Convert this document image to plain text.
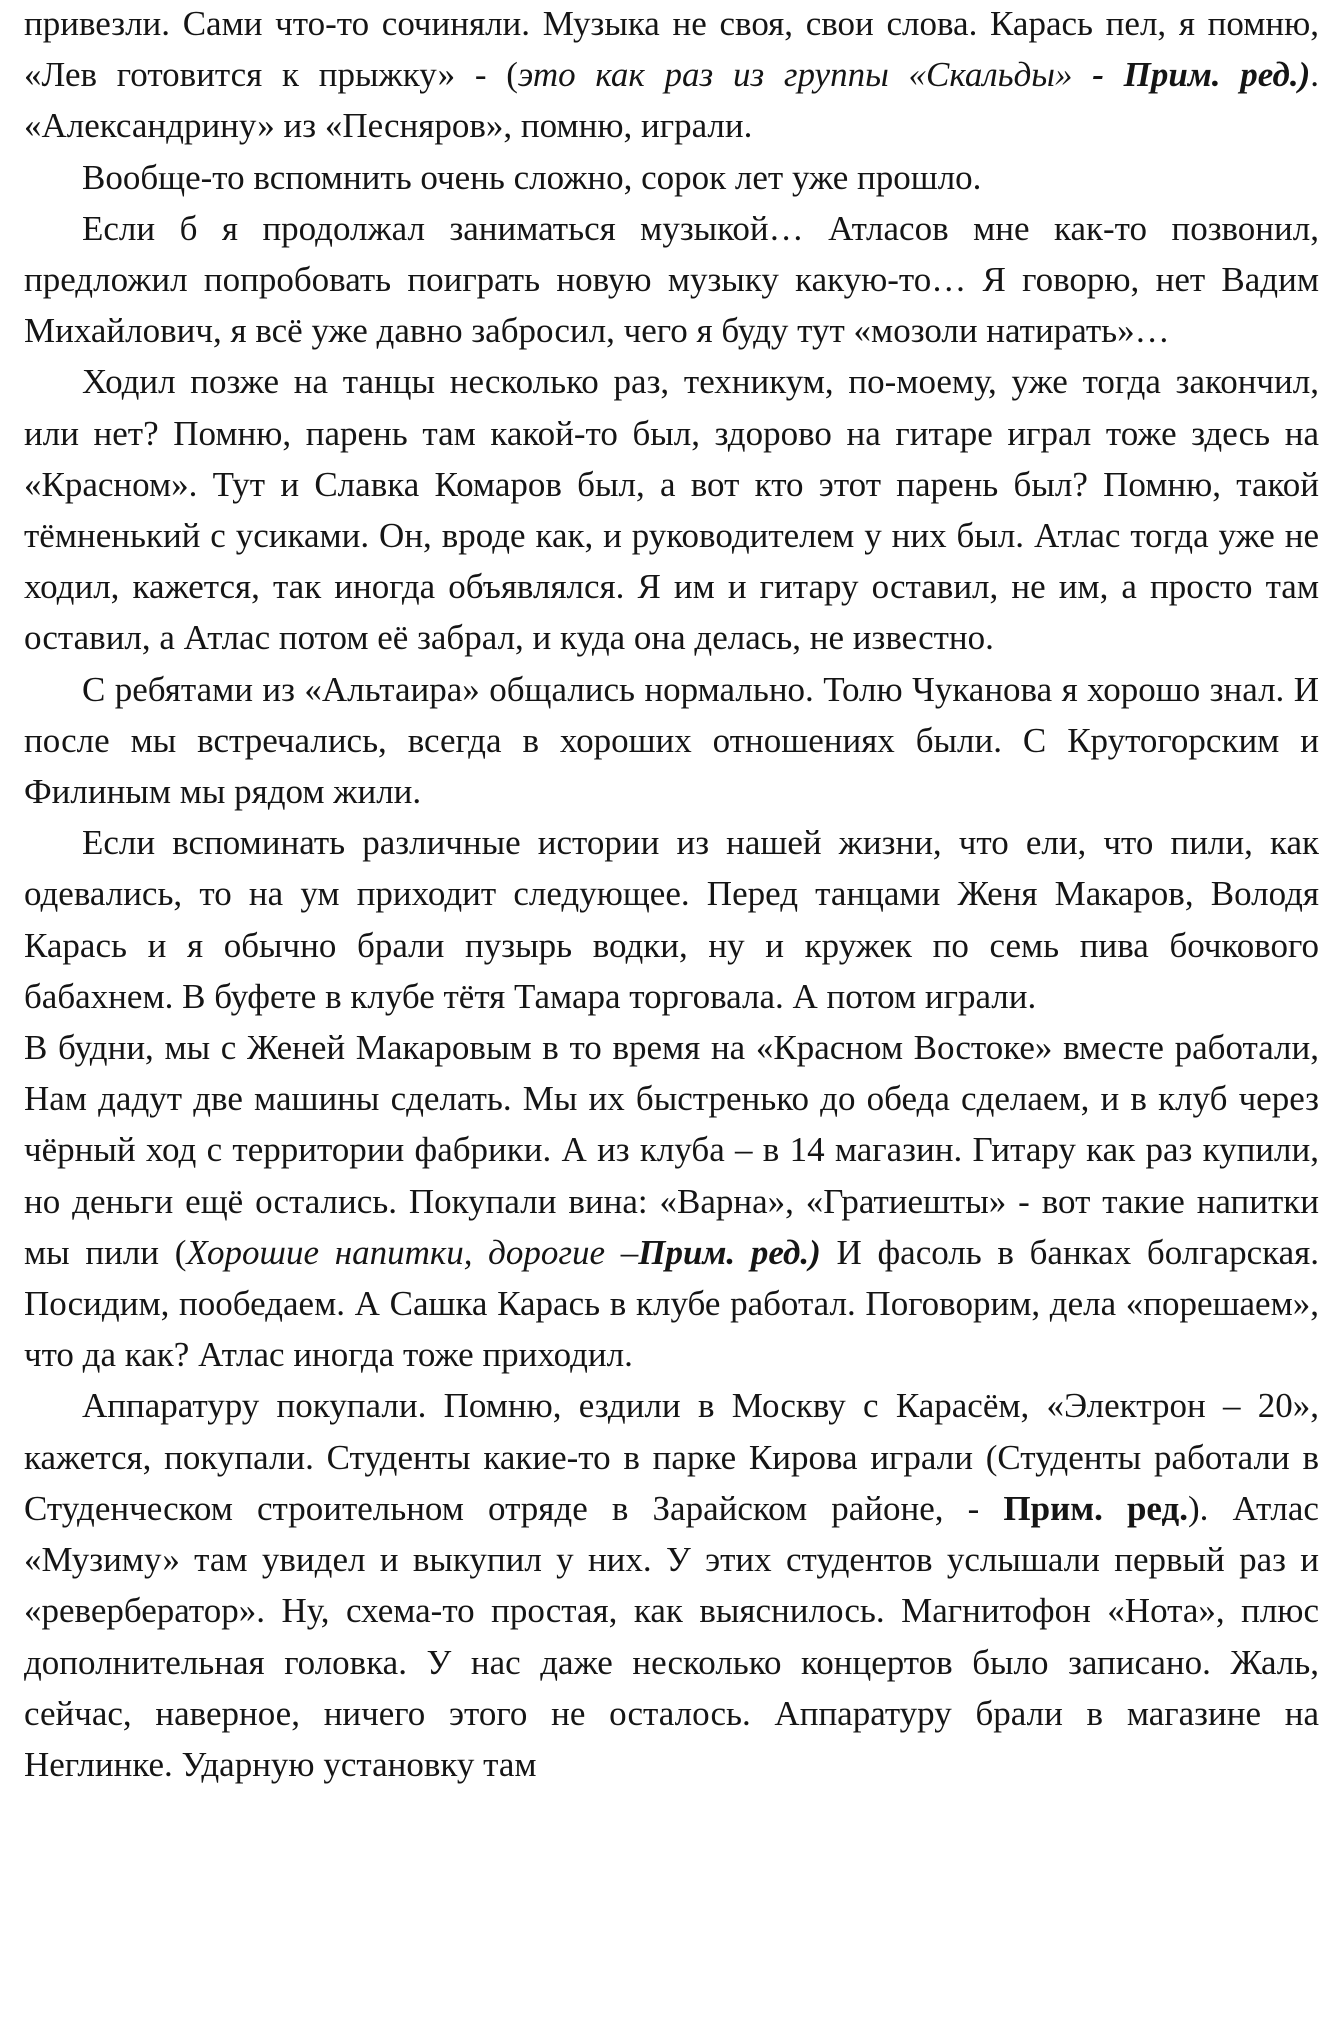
привезли. Сами что-то сочиняли. Музыка не своя, свои слова. Карась пел, я помню, «Лев готовится к прыжку» - (это как раз из группы «Скальды» - Прим. ред.). «Александрину» из «Песняров», помню, играли.

Вообще-то вспомнить очень сложно, сорок лет уже прошло.

Если б я продолжал заниматься музыкой… Атласов мне как-то позвонил, предложил попробовать поиграть новую музыку какую-то… Я говорю, нет Вадим Михайлович, я всё уже давно забросил, чего я буду тут «мозоли натирать»…

Ходил позже на танцы несколько раз, техникум, по-моему, уже тогда закончил, или нет? Помню, парень там какой-то был, здорово на гитаре играл тоже здесь на «Красном». Тут и Славка Комаров был, а вот кто этот парень был? Помню, такой тёмненький с усиками. Он, вроде как, и руководителем у них был. Атлас тогда уже не ходил, кажется, так иногда объявлялся. Я им и гитару оставил, не им, а просто там оставил, а Атлас потом её забрал, и куда она делась, не известно.

С ребятами из «Альтаира» общались нормально. Толю Чуканова я хорошо знал. И после мы встречались, всегда в хороших отношениях были. С Крутогорским и Филиным мы рядом жили.

Если вспоминать различные истории из нашей жизни, что ели, что пили, как одевались, то на ум приходит следующее. Перед танцами Женя Макаров, Володя Карась и я обычно брали пузырь водки, ну и кружек по семь пива бочкового бабахнем. В буфете в клубе тётя Тамара торговала. А потом играли.

В будни, мы с Женей Макаровым в то время на «Красном Востоке» вместе работали, Нам дадут две машины сделать. Мы их быстренько до обеда сделаем, и в клуб через чёрный ход с территории фабрики. А из клуба – в 14 магазин. Гитару как раз купили, но деньги ещё остались. Покупали вина: «Варна», «Гратиешты» - вот такие напитки мы пили (Хорошие напитки, дорогие –Прим. ред.) И фасоль в банках болгарская. Посидим, пообедаем. А Сашка Карась в клубе работал. Поговорим, дела «порешаем», что да как? Атлас иногда тоже приходил.

Аппаратуру покупали. Помню, ездили в Москву с Карасём, «Электрон – 20», кажется, покупали. Студенты какие-то в парке Кирова играли (Студенты работали в Студенческом строительном отряде в Зарайском районе, - Прим. ред.). Атлас «Музиму» там увидел и выкупил у них. У этих студентов услышали первый раз и «ревербератор». Ну, схема-то простая, как выяснилось. Магнитофон «Нота», плюс дополнительная головка. У нас даже несколько концертов было записано. Жаль, сейчас, наверное, ничего этого не осталось. Аппаратуру брали в магазине на Неглинке. Ударную установку там
